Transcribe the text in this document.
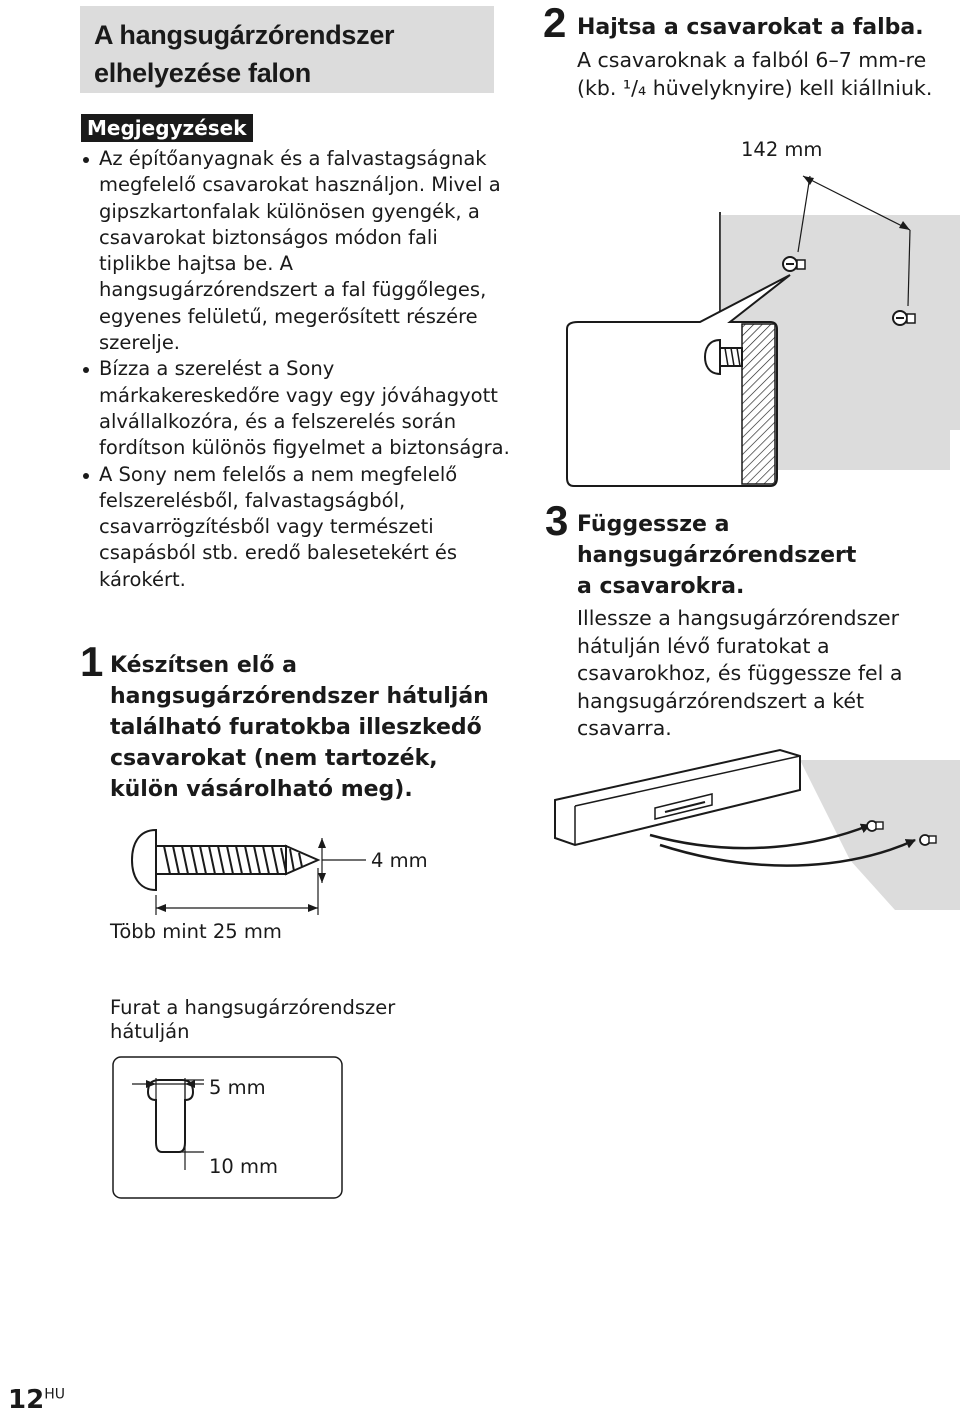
A hangsugárzórendszer elhelyezése falon
Megjegyzések
Az építőanyagnak és a falvastagságnak megfelelő csavarokat használjon. Mivel a gipszkartonfalak különösen gyengék, a csavarokat biztonságos módon fali tiplikbe hajtsa be. A hangsugárzórendszert a fal függőleges, egyenes felületű, megerősített részére szerelje.
Bízza a szerelést a Sony márkakereskedőre vagy egy jóváhagyott alvállalkozóra, és a felszerelés során fordítson különös figyelmet a biztonságra.
A Sony nem felelős a nem megfelelő felszerelésből, falvastagságból, csavarrögzítésből vagy természeti csapásból stb. eredő balesetekért és károkért.
1 Készítsen elő a hangsugárzórendszer hátulján található furatokba illeszkedő csavarokat (nem tartozék, külön vásárolható meg).
2 Hajtsa a csavarokat a falba.
A csavaroknak a falból 6–7 mm-re (kb. ¹/₄ hüvelyknyire) kell kiállniuk.
3 Függessze a hangsugárzórendszert a csavarokra.
Illessze a hangsugárzórendszer hátulján lévő furatokat a csavarokhoz, és függessze fel a hangsugárzórendszert a két csavarra.
4 mm
Több mint 25 mm
Furat a hangsugárzórendszer hátulján
5 mm
10 mm
142 mm
$12^{HU}$
